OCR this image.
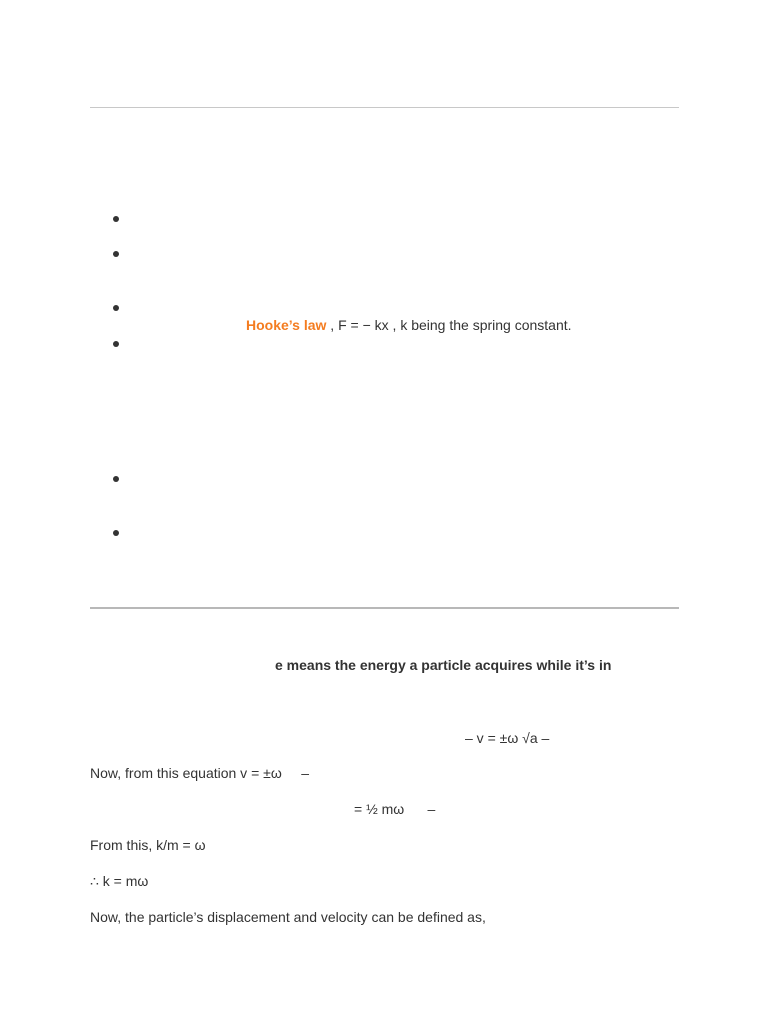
Hooke’s law , F = − kx , k being the spring constant.
e means the energy a particle acquires while it’s in
– v = ±ω √a –
Now, from this equation v = ±ω     –
= ½ mω      –
From this, k/m = ω
∴ k = mω
Now, the particle’s displacement and velocity can be defined as,
